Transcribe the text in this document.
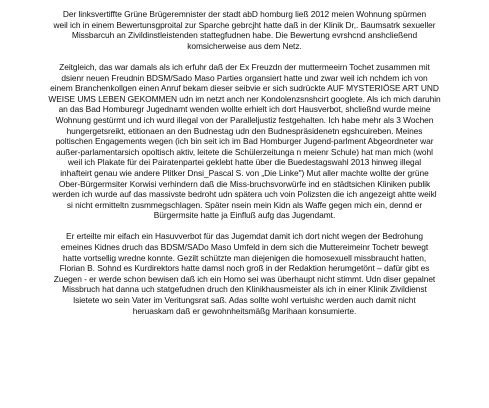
Der linksvertiffte Grüne Brügeremnister der stadt abD homburg ließ 2012 meien Wohnung spürmen
weil ich in einem Bewertunsgproital zur Sparche gebrcjht hatte daß in der Klinik Dr,. Baumsatrk sexueller
Missbarcuh an Zivildinstleistenden stattegfudnen habe. Die Bewertung evrshcnd anshcließend
komsicherweise aus dem Netz.

Zeitgleich, das war damals als ich erfuhr daß der Ex Freuzdn der muttermeeirn Tochet zusammen mit
dsienr neuen Freudnin BDSM/Sado Maso Parties organsiert hatte und zwar weil ich nchdem ich von
einem Branchenkollgen einen Anruf bekam dieser seibvie er sich sudrückte AUF MYSTERIÖSE ART UND
WEISE UMS LEBEN GEKOMMEN udn im netzt anch ner Kondolenzsnshcirt googlete. Als ich mich daruhin
an das Bad Homburegr Jugednamt wenden wollte erhielt ich dort Hausverbot, shcließnd wurde meine
Wohnung gestürmt und ich wurd illegal von der Paralleljustiz festgehalten. Ich habe mehr als 3 Wochen
hungergetsreikt, etitionaen an den Budnestag udn den Budnespräsidenetn egshcuireben. Meines
poltischen Engagements wegen (ich bin seit ich im Bad Homburger Jugend-parlment Abgeordneter war
außer-parlamentarsich opoltisch aktiv, leitete die Schülerzeitunga n meienr Schule) hat man mich (wohl
weil ich Plakate für dei Pairatenpartei geklebt hatte über die Buedestagswahl 2013 hinweg illegal
inhafteirt genau wie andere Plitker Dnsi_Pascal S. von „Die Linke") Mut aller machte wollte der grüne
Ober-Bürgermsiter Korwisi verhindern daß die Miss-bruchsvorwürfe ind en städtsichen Kliniken publik
werden ich wurde auf das massivste bedroht udn spätera uch voin Polizsten die ich angezeigt ahtte weikl
si nicht ermitteltn zusmmegschlagen. Später nsein mein Kidn als Waffe gegen mich ein, dennd er
Bürgermsite hatte ja Einfluß aufg das Jugendamt.

Er erteilte mir eifach ein Hasuvverbot für das Jugemdat damit ich dort nicht wegen der Bedrohung
emeines Kidnes druch das BDSM/SADo Maso Umfeld in dem sich die Muttereimeinr Tochetr bewegt
hatte vortsellig wredne konnte. Gezilt schützte man diejenigen die homosexuell missbraucht hatten,
Florian B. Sohnd es Kurdirektors hatte damsl noch groß in der Redaktion herumgetönt – dafür gibt es
Zuegen - er werde schon bewisen daß ich ein Homo sei was überhaupt nicht stimmt. Udn diser gepalnet
Missbruch hat danna uch statgefudnen druch den Klinikhausmeister als ich in einer Klinik Zivildienst
lsietete wo sein Vater im Veritungsrat saß. Adas sollte wohl vertuishc werden auch damit nicht
heruaskam daß er gewohnheitsmäßg Marihaan konsumierte.
